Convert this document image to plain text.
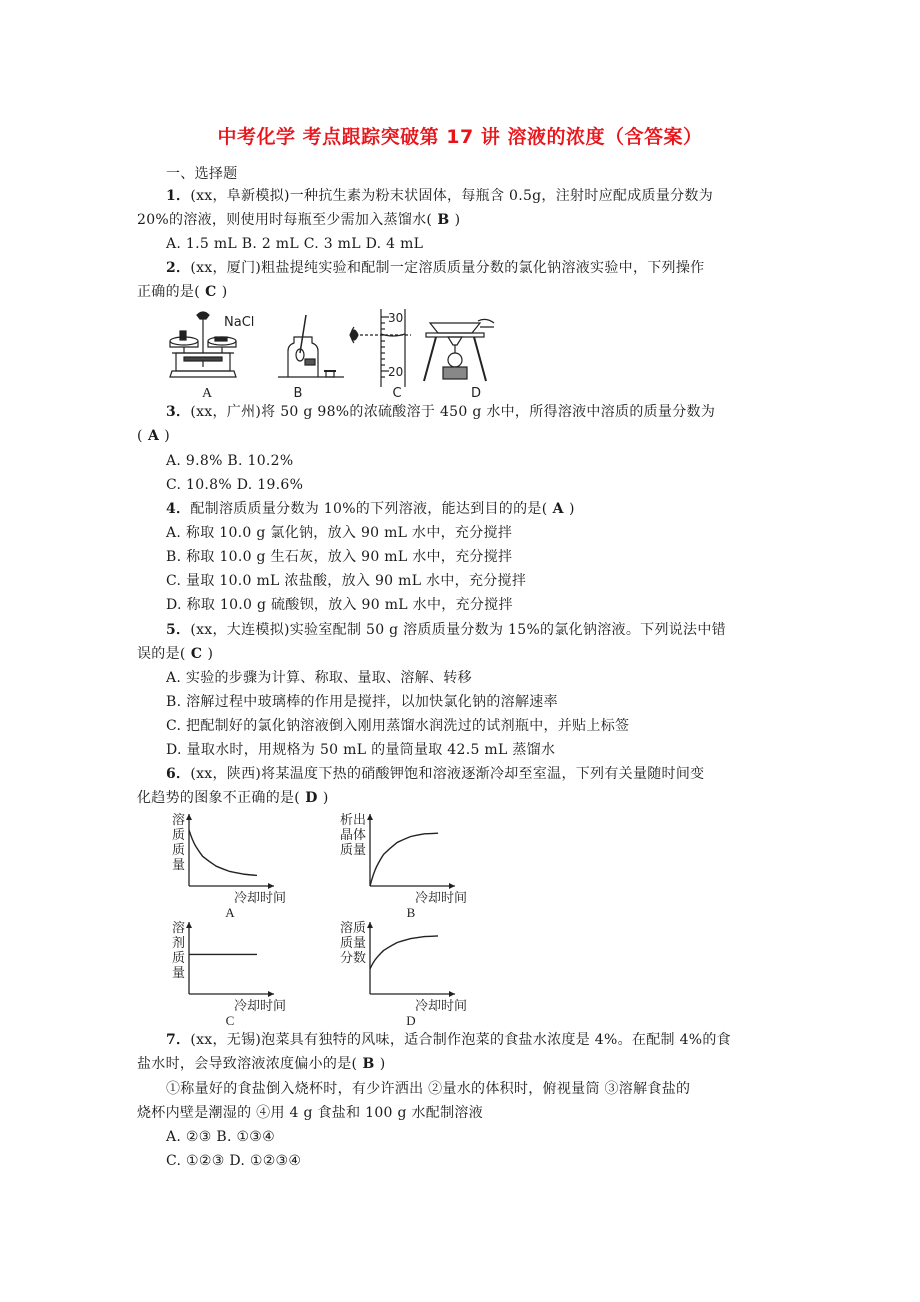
中考化学 考点跟踪突破第 17 讲 溶液的浓度（含答案）
一、选择题
1．(xx，阜新模拟)一种抗生素为粉末状固体，每瓶含 0.5g，注射时应配成质量分数为
20%的溶液，则使用时每瓶至少需加入蒸馏水( B )
A. 1.5 mL B. 2 mL C. 3 mL D. 4 mL
2．(xx，厦门)粗盐提纯实验和配制一定溶质质量分数的氯化钠溶液实验中，下列操作
正确的是( C )
NaCl	30
20
A	B	C	D
3．(xx，广州)将 50 g 98%的浓硫酸溶于 450 g 水中，所得溶液中溶质的质量分数为
( A )
A. 9.8% B. 10.2%
C. 10.8% D. 19.6%
4．配制溶质质量分数为 10%的下列溶液，能达到目的的是( A )
A. 称取 10.0 g 氯化钠，放入 90 mL 水中，充分搅拌
B. 称取 10.0 g 生石灰，放入 90 mL 水中，充分搅拌
C. 量取 10.0 mL 浓盐酸，放入 90 mL 水中，充分搅拌
D. 称取 10.0 g 硫酸钡，放入 90 mL 水中，充分搅拌
5．(xx，大连模拟)实验室配制 50 g 溶质质量分数为 15%的氯化钠溶液。下列说法中错
误的是( C )
A. 实验的步骤为计算、称取、量取、溶解、转移
B. 溶解过程中玻璃棒的作用是搅拌，以加快氯化钠的溶解速率
C. 把配制好的氯化钠溶液倒入刚用蒸馏水润洗过的试剂瓶中，并贴上标签
D. 量取水时，用规格为 50 mL 的量筒量取 42.5 mL 蒸馏水
6．(xx，陕西)将某温度下热的硝酸钾饱和溶液逐渐冷却至室温，下列有关量随时间变
化趋势的图象不正确的是( D )
溶
质
质
量
冷却时间
A
析出
晶体
质量
冷却时间
B
溶
剂
质
量
冷却时间
C
溶质
质量
分数
冷却时间
D
7．(xx，无锡)泡菜具有独特的风味，适合制作泡菜的食盐水浓度是 4%。在配制 4%的食
盐水时，会导致溶液浓度偏小的是( B )
①称量好的食盐倒入烧杯时，有少许洒出 ②量水的体积时，俯视量筒 ③溶解食盐的
烧杯内壁是潮湿的 ④用 4 g 食盐和 100 g 水配制溶液
A. ②③ B. ①③④
C. ①②③ D. ①②③④
